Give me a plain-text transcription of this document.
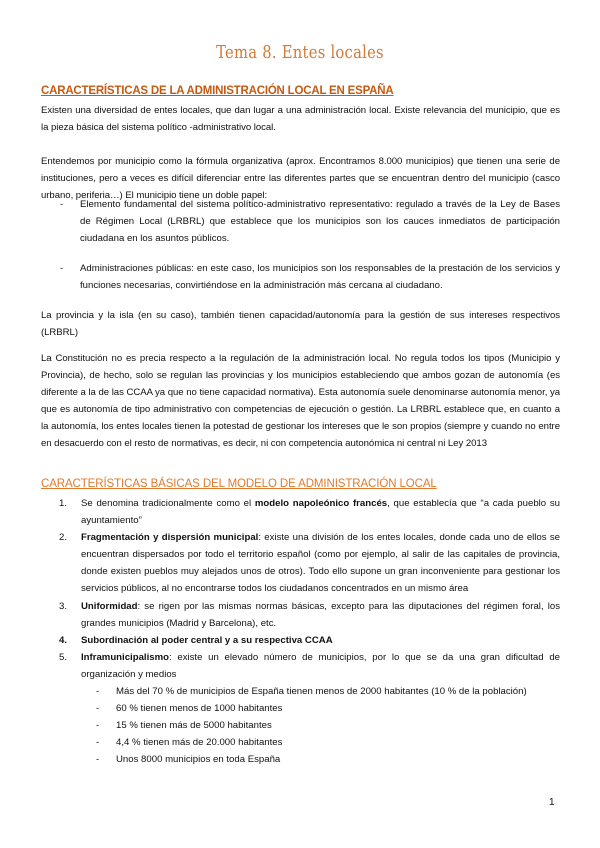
Tema 8. Entes locales
CARACTERÍSTICAS DE LA ADMINISTRACIÓN LOCAL EN ESPAÑA
Existen una diversidad de entes locales, que dan lugar a una administración local. Existe relevancia del municipio, que es la pieza básica del sistema político -administrativo local.
Entendemos por municipio como la fórmula organizativa (aprox. Encontramos 8.000 municipios) que tienen una serie de instituciones, pero a veces es difícil diferenciar entre las diferentes partes que se encuentran dentro del municipio (casco urbano, periferia…) El municipio tiene un doble papel:
- Elemento fundamental del sistema político-administrativo representativo: regulado a través de la Ley de Bases de Régimen Local (LRBRL) que establece que los municipios son los cauces inmediatos de participación ciudadana en los asuntos públicos.
- Administraciones públicas: en este caso, los municipios son los responsables de la prestación de los servicios y funciones necesarias, convirtiéndose en la administración más cercana al ciudadano.
La provincia y la isla (en su caso), también tienen capacidad/autonomía para la gestión de sus intereses respectivos (LRBRL)
La Constitución no es precia respecto a la regulación de la administración local. No regula todos los tipos (Municipio y Provincia), de hecho, solo se regulan las provincias y los municipios estableciendo que ambos gozan de autonomía (es diferente a la de las CCAA ya que no tiene capacidad normativa). Esta autonomía suele denominarse autonomía menor, ya que es autonomía de tipo administrativo con competencias de ejecución o gestión. La LRBRL establece que, en cuanto a la autonomía, los entes locales tienen la potestad de gestionar los intereses que le son propios (siempre y cuando no entre en desacuerdo con el resto de normativas, es decir, ni con competencia autonómica ni central ni Ley 2013
CARACTERÍSTICAS BÁSICAS DEL MODELO DE ADMINISTRACIÓN LOCAL
1. Se denomina tradicionalmente como el modelo napoleónico francés, que establecía que “a cada pueblo su ayuntamiento”
2. Fragmentación y dispersión municipal: existe una división de los entes locales, donde cada uno de ellos se encuentran dispersados por todo el territorio español (como por ejemplo, al salir de las capitales de provincia, donde existen pueblos muy alejados unos de otros). Todo ello supone un gran inconveniente para gestionar los servicios públicos, al no encontrarse todos los ciudadanos concentrados en un mismo área
3. Uniformidad: se rigen por las mismas normas básicas, excepto para las diputaciones del régimen foral, los grandes municipios (Madrid y Barcelona), etc.
4. Subordinación al poder central y a su respectiva CCAA
5. Inframunicipalismo: existe un elevado número de municipios, por lo que se da una gran dificultad de organización y medios
- Más del 70 % de municipios de España tienen menos de 2000 habitantes (10 % de la población)
- 60 % tienen menos de 1000 habitantes
- 15 % tienen más de 5000 habitantes
- 4,4 % tienen más de 20.000 habitantes
- Unos 8000 municipios en toda España
1
